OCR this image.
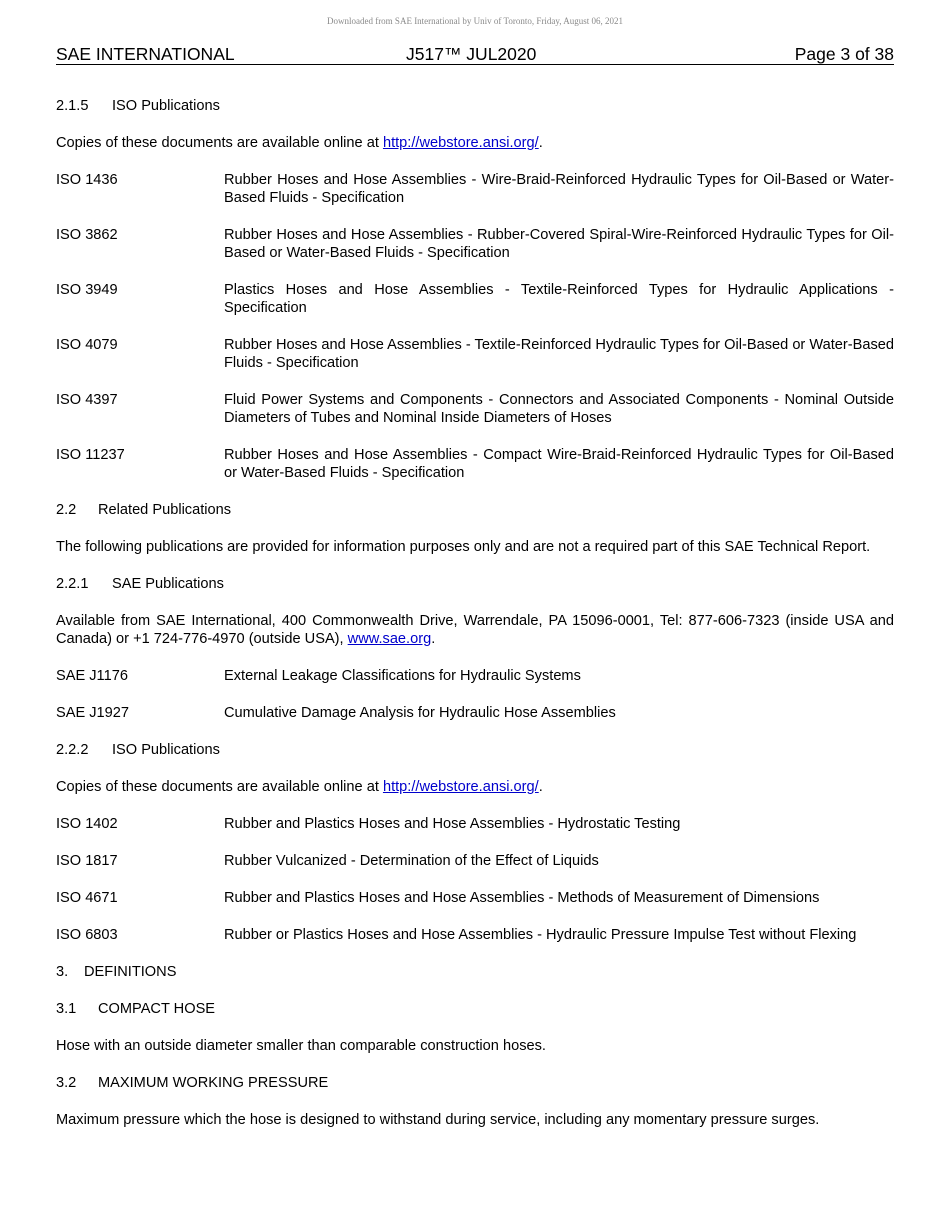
Downloaded from SAE International by Univ of Toronto, Friday, August 06, 2021
SAE INTERNATIONAL	J517™ JUL2020	Page 3 of 38

2.1.5 ISO Publications

Copies of these documents are available online at http://webstore.ansi.org/.

ISO 1436	Rubber Hoses and Hose Assemblies - Wire-Braid-Reinforced Hydraulic Types for Oil-Based or Water-Based Fluids - Specification
ISO 3862	Rubber Hoses and Hose Assemblies - Rubber-Covered Spiral-Wire-Reinforced Hydraulic Types for Oil-Based or Water-Based Fluids - Specification
ISO 3949	Plastics Hoses and Hose Assemblies - Textile-Reinforced Types for Hydraulic Applications - Specification
ISO 4079	Rubber Hoses and Hose Assemblies - Textile-Reinforced Hydraulic Types for Oil-Based or Water-Based Fluids - Specification
ISO 4397	Fluid Power Systems and Components - Connectors and Associated Components - Nominal Outside Diameters of Tubes and Nominal Inside Diameters of Hoses
ISO 11237	Rubber Hoses and Hose Assemblies - Compact Wire-Braid-Reinforced Hydraulic Types for Oil-Based or Water-Based Fluids - Specification

2.2 Related Publications

The following publications are provided for information purposes only and are not a required part of this SAE Technical Report.

2.2.1 SAE Publications

Available from SAE International, 400 Commonwealth Drive, Warrendale, PA 15096-0001, Tel: 877-606-7323 (inside USA and Canada) or +1 724-776-4970 (outside USA), www.sae.org.

SAE J1176	External Leakage Classifications for Hydraulic Systems
SAE J1927	Cumulative Damage Analysis for Hydraulic Hose Assemblies

2.2.2 ISO Publications

Copies of these documents are available online at http://webstore.ansi.org/.

ISO 1402	Rubber and Plastics Hoses and Hose Assemblies - Hydrostatic Testing
ISO 1817	Rubber Vulcanized - Determination of the Effect of Liquids
ISO 4671	Rubber and Plastics Hoses and Hose Assemblies - Methods of Measurement of Dimensions
ISO 6803	Rubber or Plastics Hoses and Hose Assemblies - Hydraulic Pressure Impulse Test without Flexing

3. DEFINITIONS

3.1 COMPACT HOSE

Hose with an outside diameter smaller than comparable construction hoses.

3.2 MAXIMUM WORKING PRESSURE

Maximum pressure which the hose is designed to withstand during service, including any momentary pressure surges.
